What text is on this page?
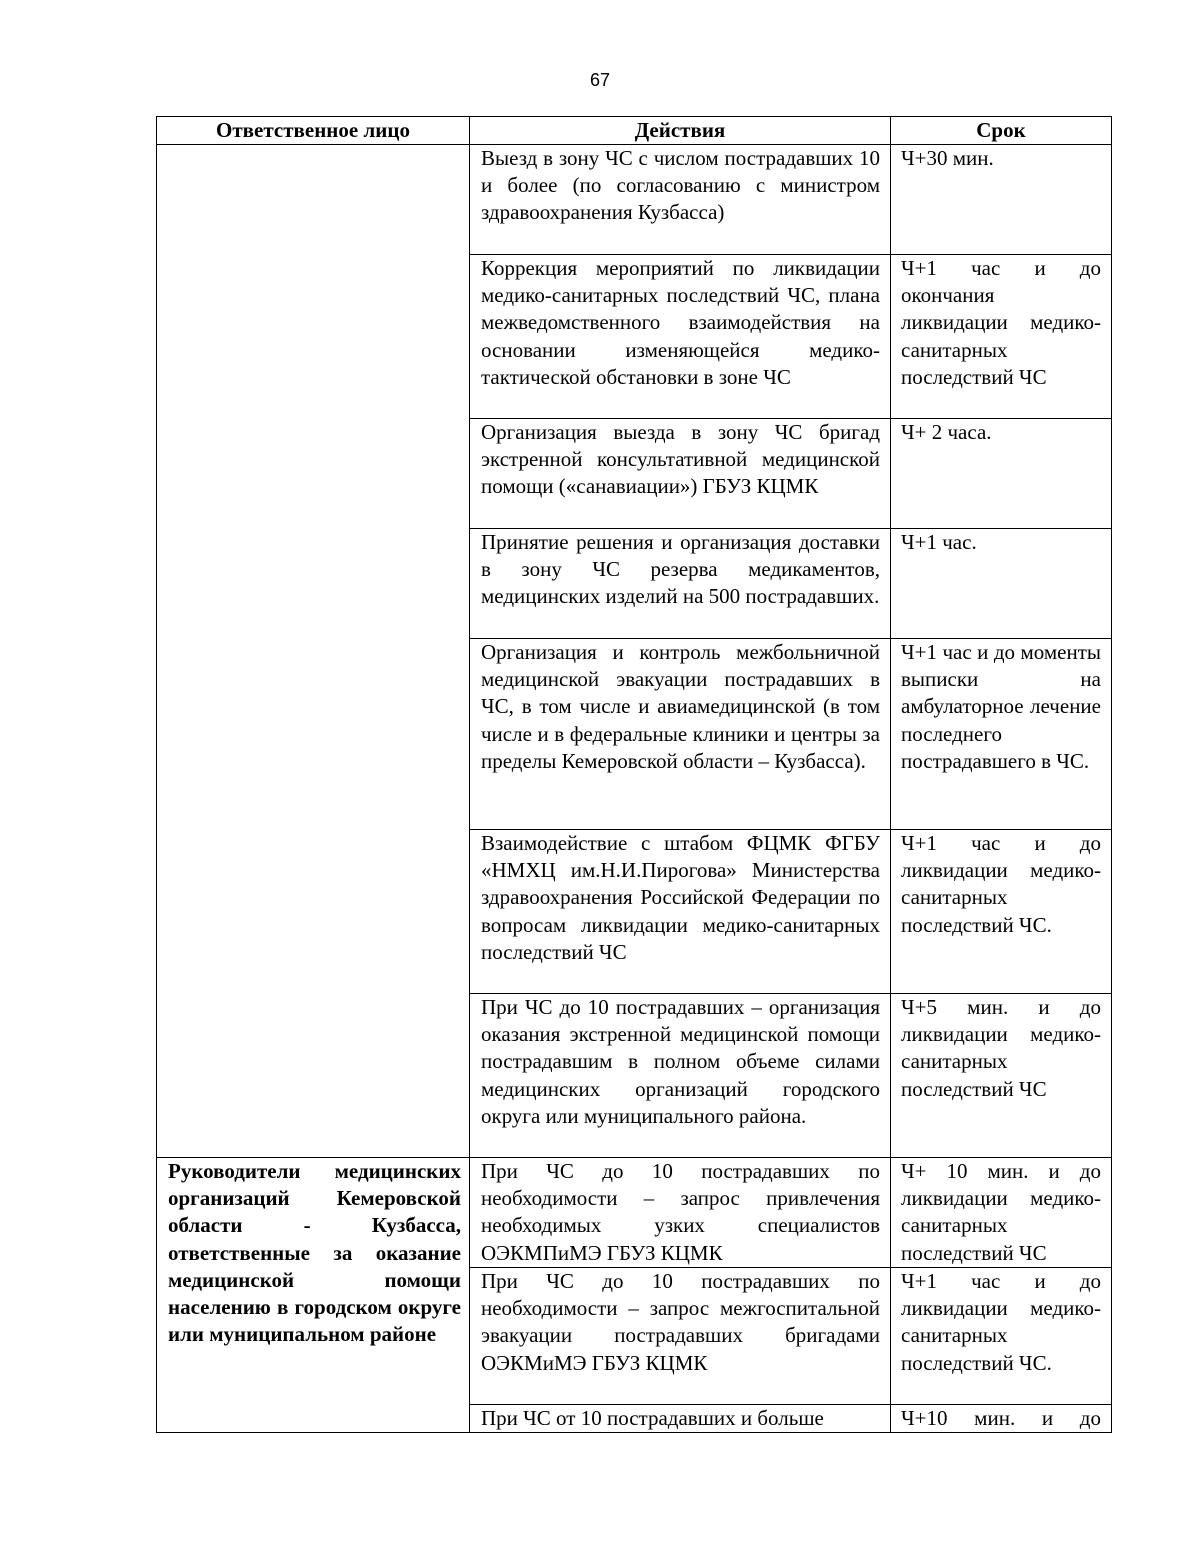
67
Ответственное лицо	Действия	Срок
	Выезд в зону ЧС с числом пострадавших 10 и более (по согласованию с министром здравоохранения Кузбасса)	Ч+30 мин.
	Коррекция мероприятий по ликвидации медико-санитарных последствий ЧС, плана межведомственного взаимодействия на основании изменяющейся медико-тактической обстановки в зоне ЧС	Ч+1 час и до окончания ликвидации медико-санитарных последствий ЧС
	Организация выезда в зону ЧС бригад экстренной консультативной медицинской помощи («санавиации») ГБУЗ КЦМК	Ч+ 2 часа.
	Принятие решения и организация доставки в зону ЧС резерва медикаментов, медицинских изделий на 500 пострадавших.	Ч+1 час.
	Организация и контроль межбольничной медицинской эвакуации пострадавших в ЧС, в том числе и авиамедицинской (в том числе и в федеральные клиники и центры за пределы Кемеровской области – Кузбасса).	Ч+1 час и до моменты выписки на амбулаторное лечение последнего пострадавшего в ЧС.
	Взаимодействие с штабом ФЦМК ФГБУ «НМХЦ им.Н.И.Пирогова» Министерства здравоохранения Российской Федерации по вопросам ликвидации медико-санитарных последствий ЧС	Ч+1 час и до ликвидации медико-санитарных последствий ЧС.
	При ЧС до 10 пострадавших – организация оказания экстренной медицинской помощи пострадавшим в полном объеме силами медицинских организаций городского округа или муниципального района.	Ч+5 мин. и до ликвидации медико-санитарных последствий ЧС
Руководители медицинских организаций Кемеровской области - Кузбасса, ответственные за оказание медицинской помощи населению в городском округе или муниципальном районе	При ЧС до 10 пострадавших по необходимости – запрос привлечения необходимых узких специалистов ОЭКМПиМЭ ГБУЗ КЦМК	Ч+ 10 мин. и до ликвидации медико-санитарных последствий ЧС
	При ЧС до 10 пострадавших по необходимости – запрос межгоспитальной эвакуации пострадавших бригадами ОЭКМиМЭ ГБУЗ КЦМК	Ч+1 час и до ликвидации медико-санитарных последствий ЧС.
	При ЧС от 10 пострадавших и больше	Ч+10 мин. и до
